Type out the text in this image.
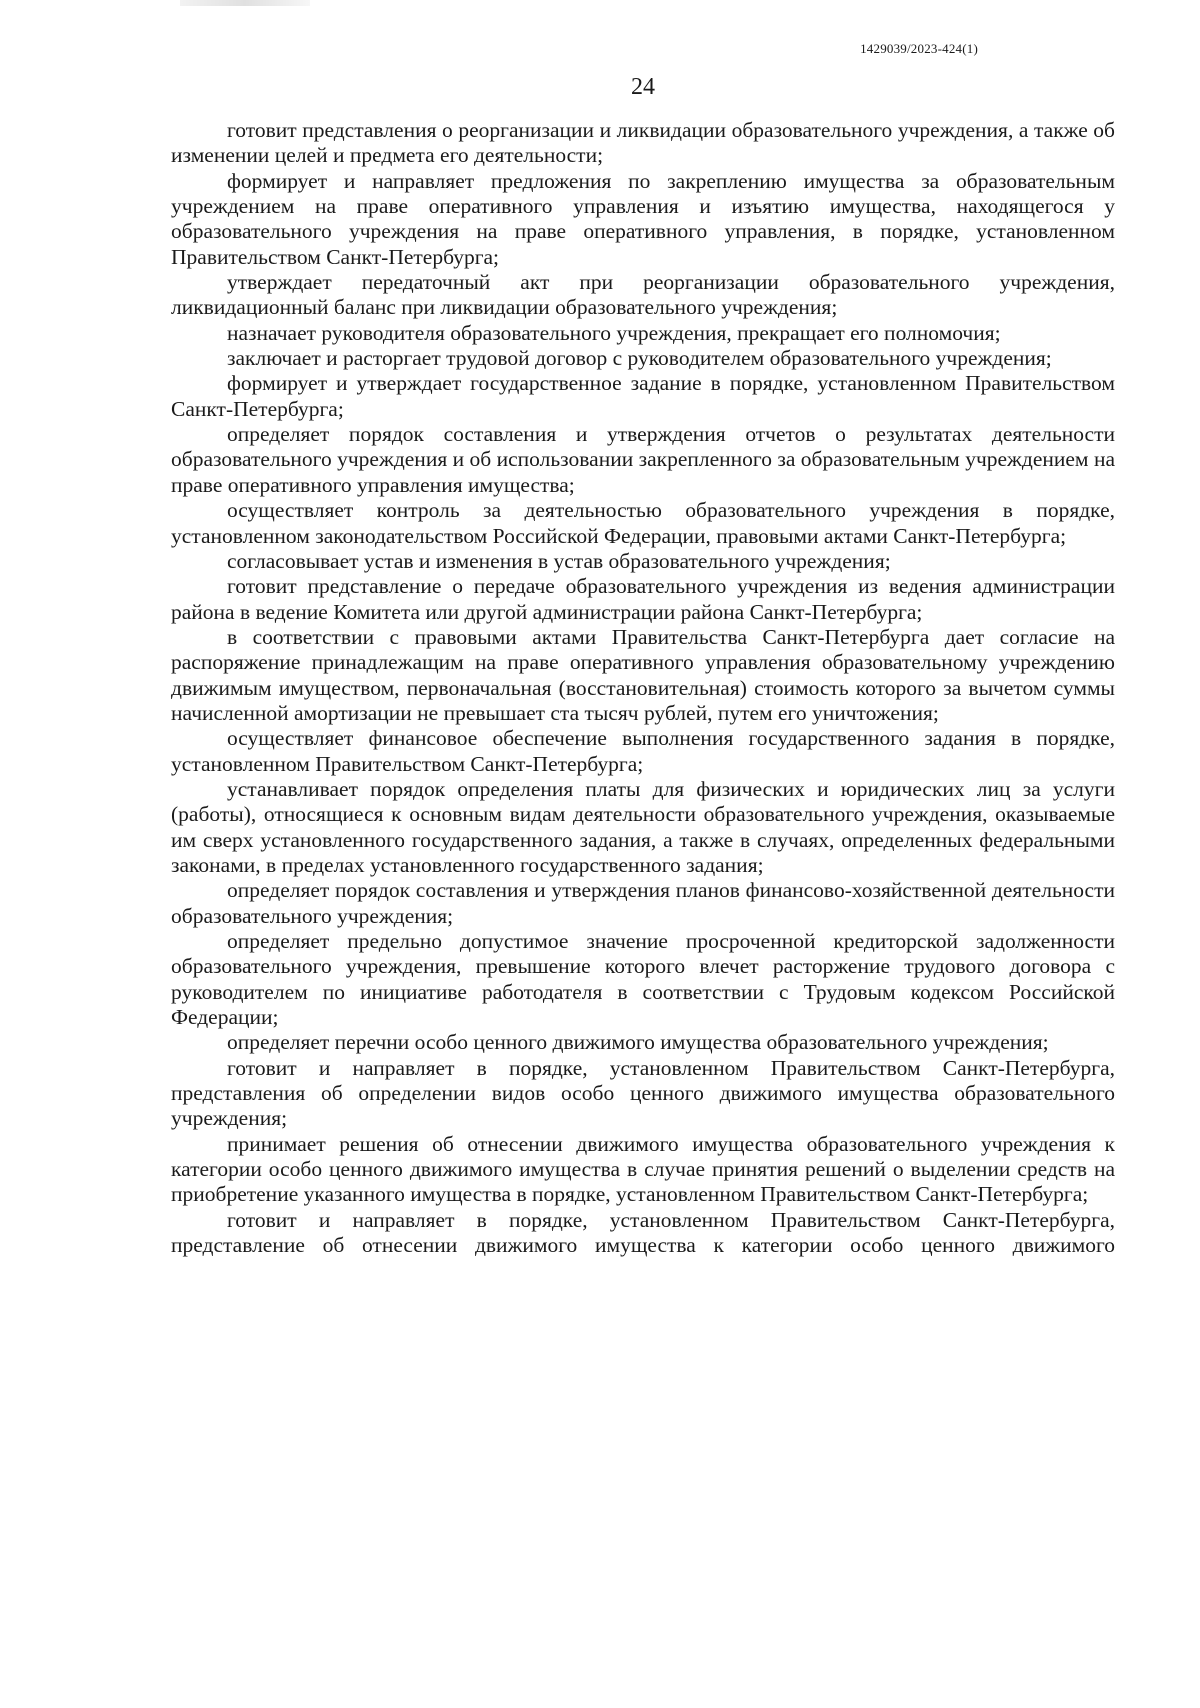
1429039/2023-424(1)
24

готовит представления о реорганизации и ликвидации образовательного учреждения, а также об изменении целей и предмета его деятельности;

формирует и направляет предложения по закреплению имущества за образовательным учреждением на праве оперативного управления и изъятию имущества, находящегося у образовательного учреждения на праве оперативного управления, в порядке, установленном Правительством Санкт-Петербурга;

утверждает передаточный акт при реорганизации образовательного учреждения, ликвидационный баланс при ликвидации образовательного учреждения;

назначает руководителя образовательного учреждения, прекращает его полномочия;

заключает и расторгает трудовой договор с руководителем образовательного учреждения;

формирует и утверждает государственное задание в порядке, установленном Правительством Санкт-Петербурга;

определяет порядок составления и утверждения отчетов о результатах деятельности образовательного учреждения и об использовании закрепленного за образовательным учреждением на праве оперативного управления имущества;

осуществляет контроль за деятельностью образовательного учреждения в порядке, установленном законодательством Российской Федерации, правовыми актами Санкт-Петербурга;

согласовывает устав и изменения в устав образовательного учреждения;

готовит представление о передаче образовательного учреждения из ведения администрации района в ведение Комитета или другой администрации района Санкт-Петербурга;

в соответствии с правовыми актами Правительства Санкт-Петербурга дает согласие на распоряжение принадлежащим на праве оперативного управления образовательному учреждению движимым имуществом, первоначальная (восстановительная) стоимость которого за вычетом суммы начисленной амортизации не превышает ста тысяч рублей, путем его уничтожения;

осуществляет финансовое обеспечение выполнения государственного задания в порядке, установленном Правительством Санкт-Петербурга;

устанавливает порядок определения платы для физических и юридических лиц за услуги (работы), относящиеся к основным видам деятельности образовательного учреждения, оказываемые им сверх установленного государственного задания, а также в случаях, определенных федеральными законами, в пределах установленного государственного задания;

определяет порядок составления и утверждения планов финансово-хозяйственной деятельности образовательного учреждения;

определяет предельно допустимое значение просроченной кредиторской задолженности образовательного учреждения, превышение которого влечет расторжение трудового договора с руководителем по инициативе работодателя в соответствии с Трудовым кодексом Российской Федерации;

определяет перечни особо ценного движимого имущества образовательного учреждения;

готовит и направляет в порядке, установленном Правительством Санкт-Петербурга, представления об определении видов особо ценного движимого имущества образовательного учреждения;

принимает решения об отнесении движимого имущества образовательного учреждения к категории особо ценного движимого имущества в случае принятия решений о выделении средств на приобретение указанного имущества в порядке, установленном Правительством Санкт-Петербурга;

готовит и направляет в порядке, установленном Правительством Санкт-Петербурга, представление об отнесении движимого имущества к категории особо ценного движимого
